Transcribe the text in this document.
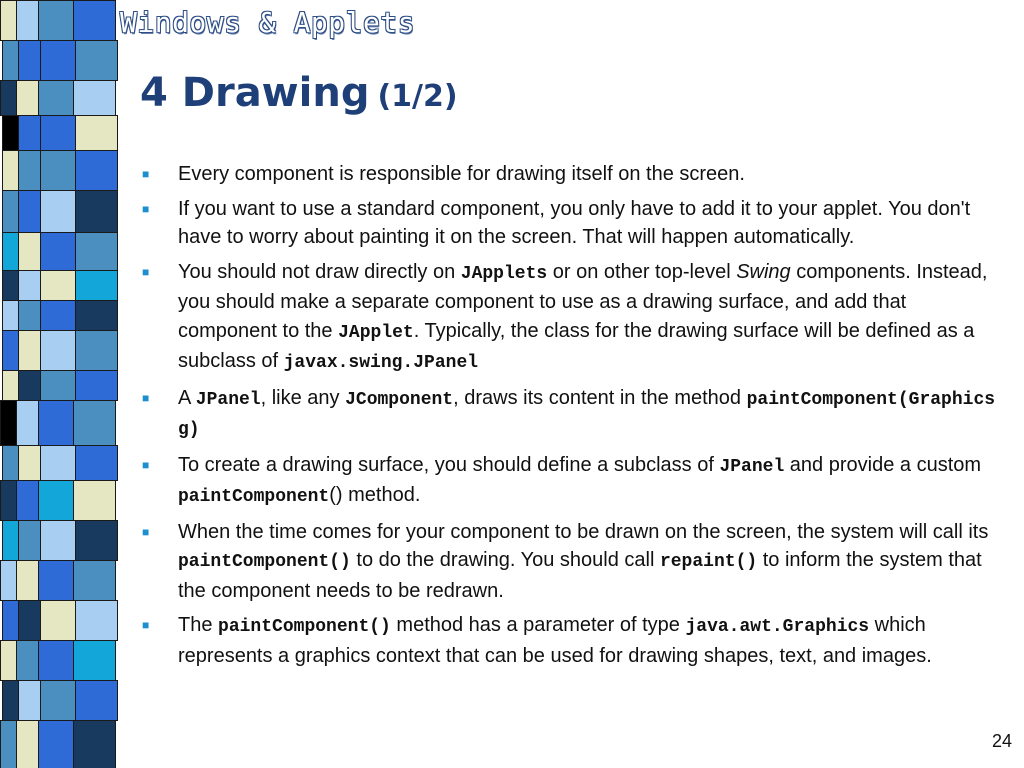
Windows & Applets
4 Drawing (1/2)
■ Every component is responsible for drawing itself on the screen.
■ If you want to use a standard component, you only have to add it to your applet. You don't have to worry about painting it on the screen. That will happen automatically.
■ You should not draw directly on JApplets or on other top-level Swing components. Instead, you should make a separate component to use as a drawing surface, and add that component to the JApplet. Typically, the class for the drawing surface will be defined as a subclass of javax.swing.JPanel
■ A JPanel, like any JComponent, draws its content in the method paintComponent(Graphics g)
■ To create a drawing surface, you should define a subclass of JPanel and provide a custom paintComponent() method.
■ When the time comes for your component to be drawn on the screen, the system will call its paintComponent() to do the drawing. You should call repaint() to inform the system that the component needs to be redrawn.
■ The paintComponent() method has a parameter of type java.awt.Graphics which represents a graphics context that can be used for drawing shapes, text, and images.
24
